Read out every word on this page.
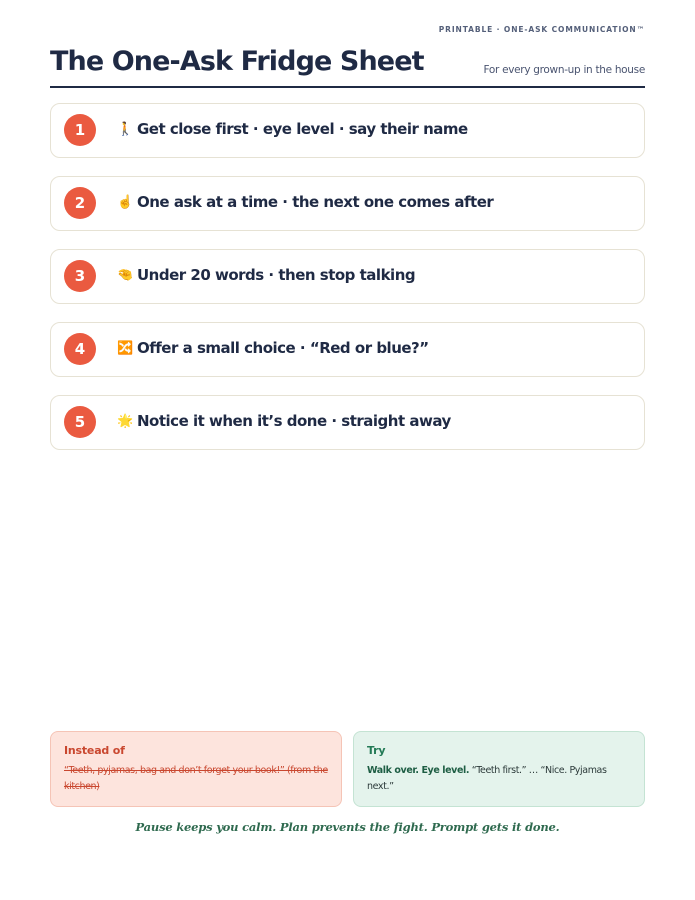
PRINTABLE · ONE-ASK COMMUNICATION™
The One-Ask Fridge Sheet	For every grown-up in the house
1	🚶 Get close first · eye level · say their name
2	☝️ One ask at a time · the next one comes after
3	🤏 Under 20 words · then stop talking
4	🔀 Offer a small choice · “Red or blue?”
5	🌟 Notice it when it’s done · straight away
Instead of
“Teeth, pyjamas, bag and don’t forget your book!” (from the kitchen)
Try
Walk over. Eye level. “Teeth first.” … “Nice. Pyjamas next.”
Pause keeps you calm. Plan prevents the fight. Prompt gets it done.
